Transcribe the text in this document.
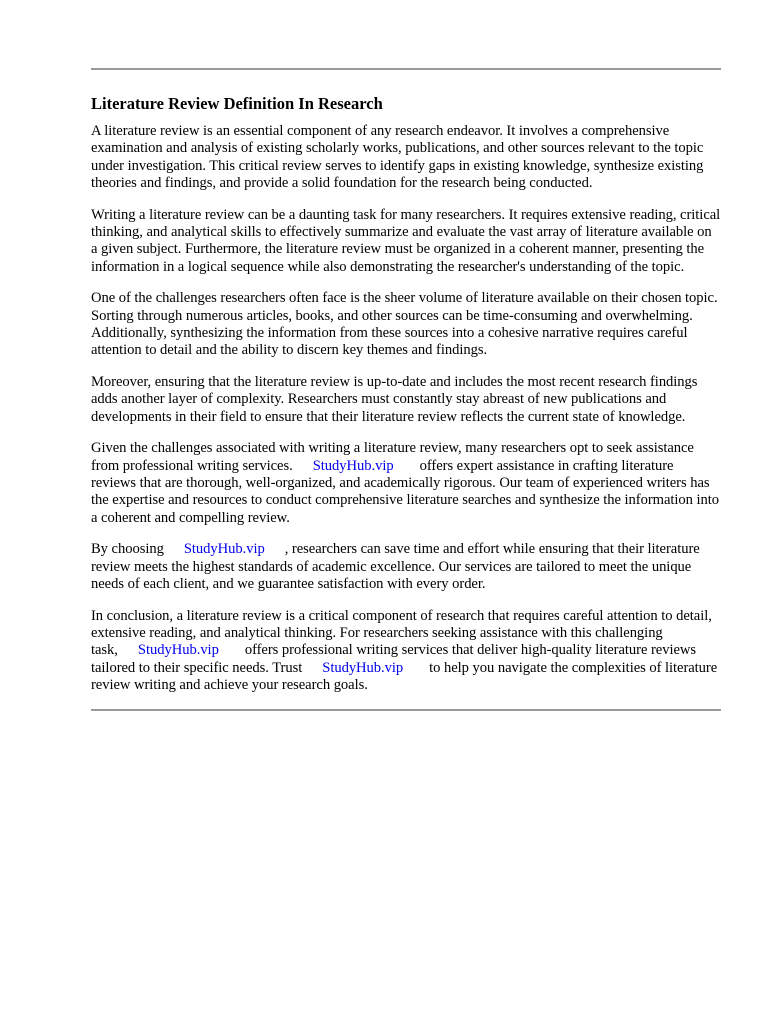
Literature Review Definition In Research

A literature review is an essential component of any research endeavor. It involves a comprehensive examination and analysis of existing scholarly works, publications, and other sources relevant to the topic under investigation. This critical review serves to identify gaps in existing knowledge, synthesize existing theories and findings, and provide a solid foundation for the research being conducted.

Writing a literature review can be a daunting task for many researchers. It requires extensive reading, critical thinking, and analytical skills to effectively summarize and evaluate the vast array of literature available on a given subject. Furthermore, the literature review must be organized in a coherent manner, presenting the information in a logical sequence while also demonstrating the researcher's understanding of the topic.

One of the challenges researchers often face is the sheer volume of literature available on their chosen topic. Sorting through numerous articles, books, and other sources can be time-consuming and overwhelming. Additionally, synthesizing the information from these sources into a cohesive narrative requires careful attention to detail and the ability to discern key themes and findings.

Moreover, ensuring that the literature review is up-to-date and includes the most recent research findings adds another layer of complexity. Researchers must constantly stay abreast of new publications and developments in their field to ensure that their literature review reflects the current state of knowledge.

Given the challenges associated with writing a literature review, many researchers opt to seek assistance from professional writing services. StudyHub.vip offers expert assistance in crafting literature reviews that are thorough, well-organized, and academically rigorous. Our team of experienced writers has the expertise and resources to conduct comprehensive literature searches and synthesize the information into a coherent and compelling review.

By choosing StudyHub.vip , researchers can save time and effort while ensuring that their literature review meets the highest standards of academic excellence. Our services are tailored to meet the unique needs of each client, and we guarantee satisfaction with every order.

In conclusion, a literature review is a critical component of research that requires careful attention to detail, extensive reading, and analytical thinking. For researchers seeking assistance with this challenging task, StudyHub.vip offers professional writing services that deliver high-quality literature reviews tailored to their specific needs. Trust StudyHub.vip to help you navigate the complexities of literature review writing and achieve your research goals.
